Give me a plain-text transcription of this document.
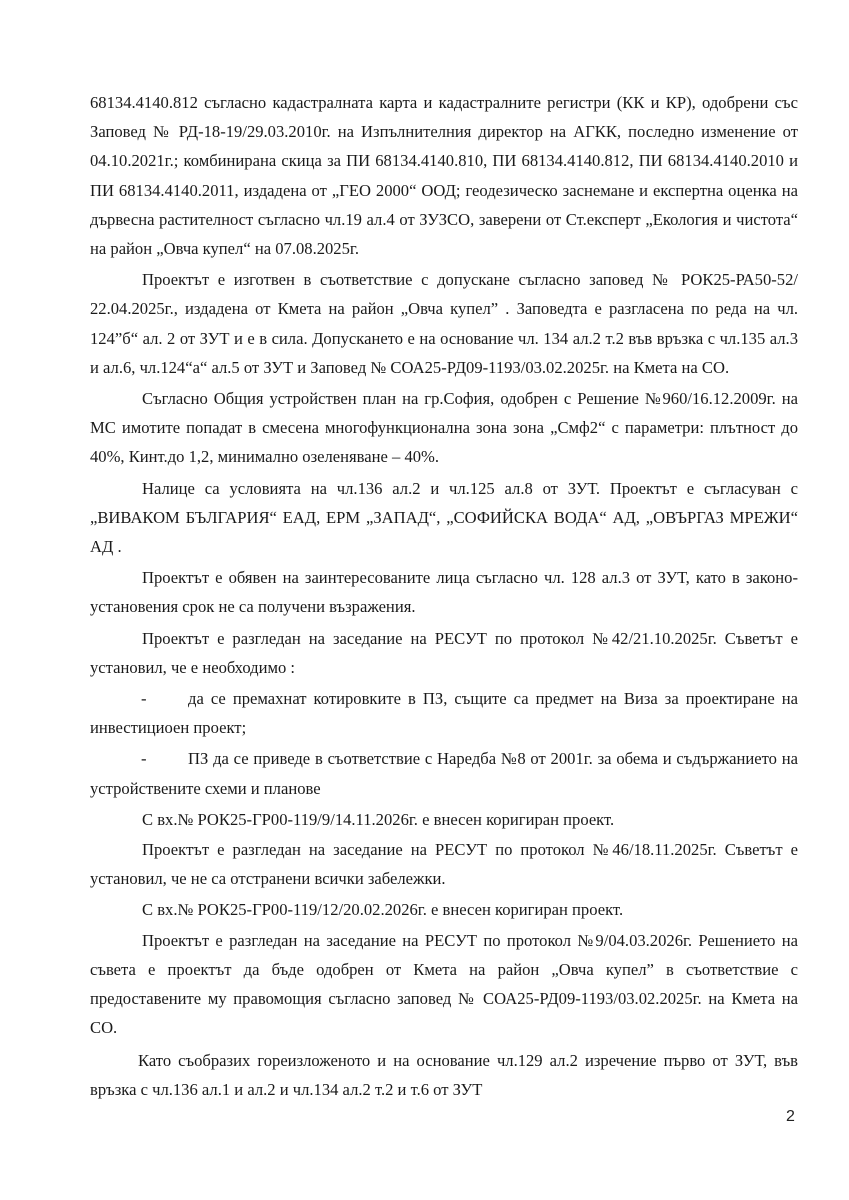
68134.4140.812 съгласно кадастралната карта и кадастралните регистри (КК и КР), одобрени със Заповед № РД-18-19/29.03.2010г. на Изпълнителния директор на АГКК, последно изменение от 04.10.2021г.; комбинирана скица за ПИ 68134.4140.810, ПИ 68134.4140.812, ПИ 68134.4140.2010 и ПИ 68134.4140.2011, издадена от „ГЕО 2000“ ООД; геодезическо заснемане и експертна оценка на дървесна растителност съгласно чл.19 ал.4 от ЗУЗСО, заверени от Ст.експерт „Екология и чистота“ на район „Овча купел“ на 07.08.2025г.

Проектът е изготвен в съответствие с допускане съгласно заповед № РОК25-РА50-52/ 22.04.2025г., издадена от Кмета на район „Овча купел” . Заповедта е разгласена по реда на чл. 124”б“ ал. 2 от ЗУТ и е в сила. Допускането е на основание чл. 134 ал.2 т.2 във връзка с чл.135 ал.3 и ал.6, чл.124“а“ ал.5 от ЗУТ и Заповед № СОА25-РД09-1193/03.02.2025г. на Кмета на СО.

Съгласно Общия устройствен план на гр.София, одобрен с Решение №960/16.12.2009г. на МС имотите попадат в смесена многофункционална зона зона „Смф2“ с параметри: плътност до 40%, Кинт.до 1,2, минимално озеленяване – 40%.

Налице са условията на чл.136 ал.2 и чл.125 ал.8 от ЗУТ. Проектът е съгласуван с „ВИВАКОМ БЪЛГАРИЯ“ ЕАД, ЕРМ „ЗАПАД“, „СОФИЙСКА ВОДА“ АД, „ОВЪРГАЗ МРЕЖИ“ АД .

Проектът е обявен на заинтересованите лица съгласно чл. 128 ал.3 от ЗУТ, като в законо-установения срок не са получени възражения.

Проектът е разгледан на заседание на РЕСУТ по протокол №42/21.10.2025г. Съветът е установил, че е необходимо :

- да се премахнат котировките в ПЗ, същите са предмет на Виза за проектиране на инвестициоен проект;
- ПЗ да се приведе в съответствие с Наредба №8 от 2001г. за обема и съдържанието на устройствените схеми и планове

С вх.№ РОК25-ГР00-119/9/14.11.2026г. е внесен коригиран проект.

Проектът е разгледан на заседание на РЕСУТ по протокол №46/18.11.2025г. Съветът е установил, че не са отстранени всички забележки.

С вх.№ РОК25-ГР00-119/12/20.02.2026г. е внесен коригиран проект.

Проектът е разгледан на заседание на РЕСУТ по протокол №9/04.03.2026г. Решението на съвета е проектът да бъде одобрен от Кмета на район „Овча купел” в съответствие с предоставените му правомощия съгласно заповед № СОА25-РД09-1193/03.02.2025г. на Кмета на СО.

Като съобразих гореизложеното и на основание чл.129 ал.2 изречение първо от ЗУТ, във връзка с чл.136 ал.1 и ал.2 и чл.134 ал.2 т.2 и т.6 от ЗУТ

2
